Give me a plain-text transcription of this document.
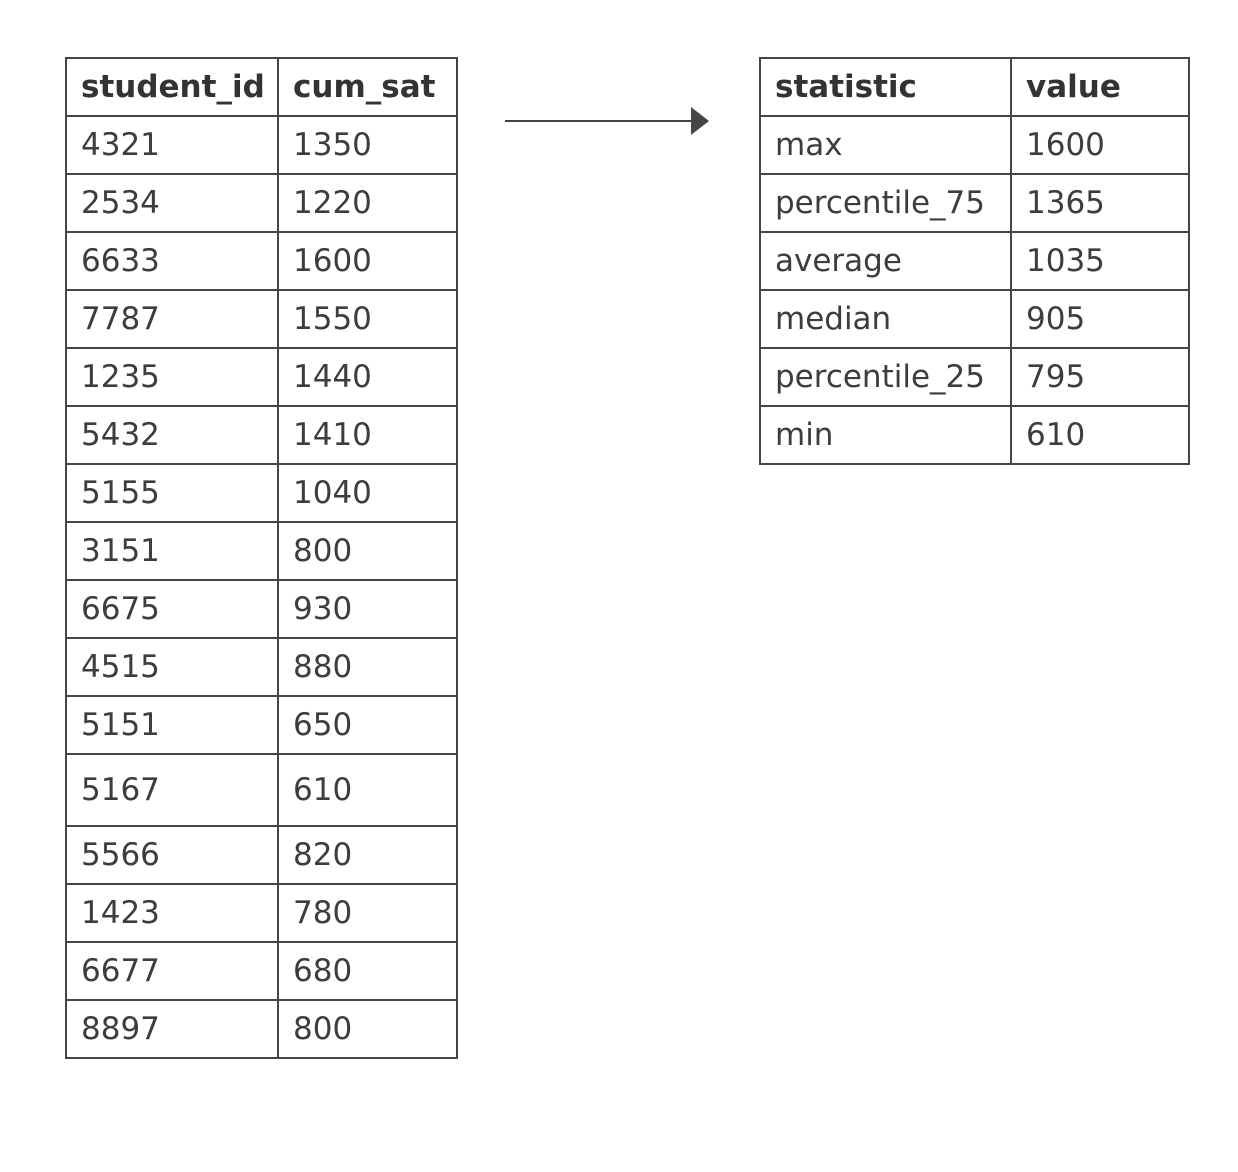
student_id	cum_sat
4321	1350
2534	1220
6633	1600
7787	1550
1235	1440
5432	1410
5155	1040
3151	800
6675	930
4515	880
5151	650
5167	610
5566	820
1423	780
6677	680
8897	800
statistic	value
max	1600
percentile_75	1365
average	1035
median	905
percentile_25	795
min	610
